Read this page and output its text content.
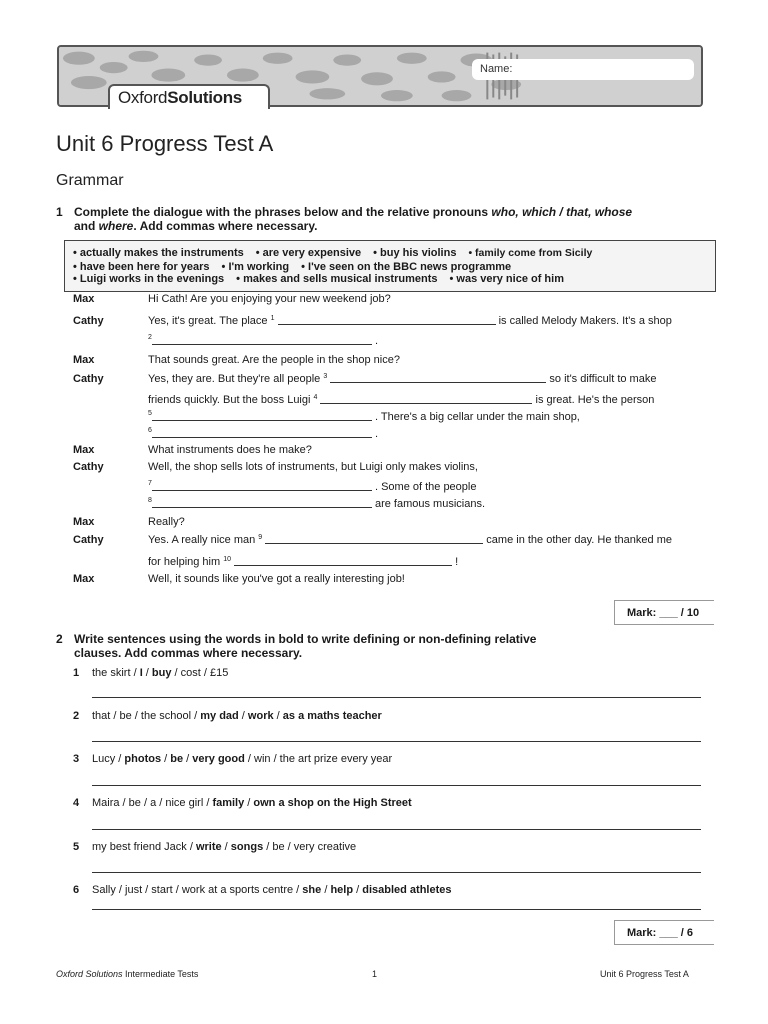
Name:
OxfordSolutions
Unit 6 Progress Test A
Grammar
1 Complete the dialogue with the phrases below and the relative pronouns who, which / that, whose
and where. Add commas where necessary.
• actually makes the instruments • are very expensive • buy his violins • family come from Sicily
• have been here for years • I'm working • I've seen on the BBC news programme
• Luigi works in the evenings • makes and sells musical instruments • was very nice of him
Max	Hi Cath! Are you enjoying your new weekend job?
Cathy	Yes, it's great. The place $^1$	is called Melody Makers. It's a shop
$^2$	.
Max	That sounds great. Are the people in the shop nice?
Cathy	Yes, they are. But they're all people $^3$	so it's difficult to make
friends quickly. But the boss Luigi $^4$	is great. He's the person
$^5$	. There's a big cellar under the main shop,
$^6$	.
Max	What instruments does he make?
Cathy	Well, the shop sells lots of instruments, but Luigi only makes violins,
$^7$	. Some of the people
$^8$	are famous musicians.
Max	Really?
Cathy	Yes. A really nice man $^9$	came in the other day. He thanked me
for helping him $^{10}$	!
Max	Well, it sounds like you've got a really interesting job!
Mark: ___ / 10
2 Write sentences using the words in bold to write defining or non-defining relative
clauses. Add commas where necessary.
1 the skirt / I / buy / cost / £15
2 that / be / the school / my dad / work / as a maths teacher
3 Lucy / photos / be / very good / win / the art prize every year
4 Maira / be / a / nice girl / family / own a shop on the High Street
5 my best friend Jack / write / songs / be / very creative
6 Sally / just / start / work at a sports centre / she / help / disabled athletes
Mark: ___ / 6
Oxford Solutions Intermediate Tests	1	Unit 6 Progress Test A
